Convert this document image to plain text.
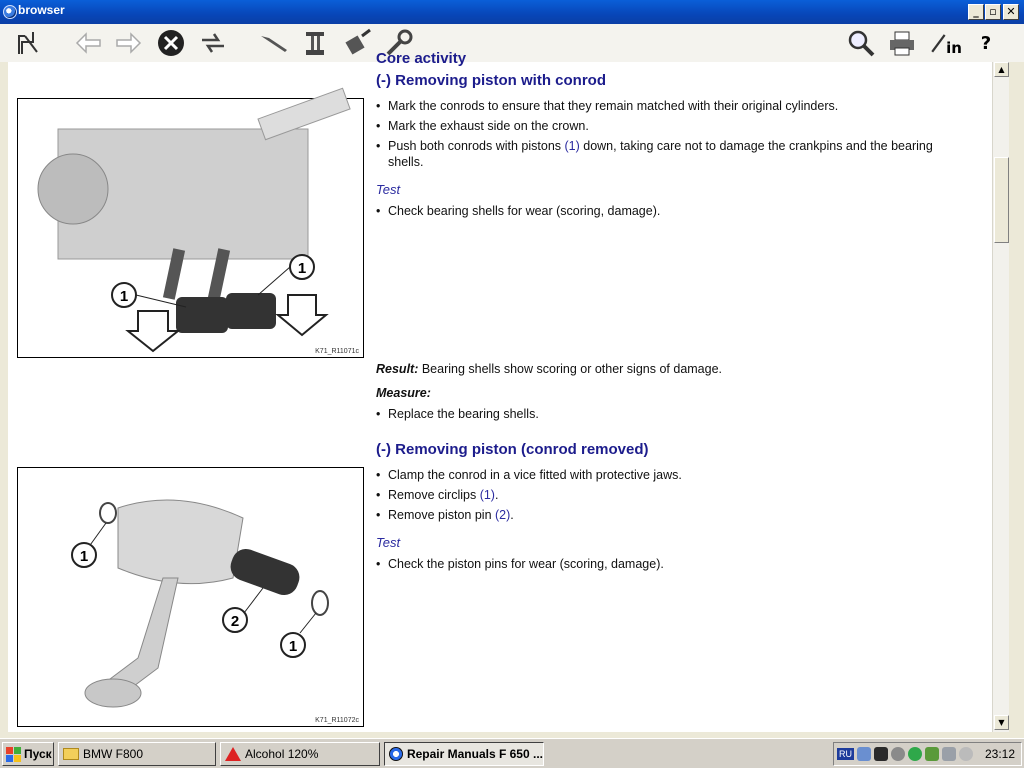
browser	_ ▫ ✕
in	?
Core activity
(-) Removing piston with conrod
1
1
K71_R11071c
• Mark the conrods to ensure that they remain matched with their original cylinders.
• Mark the exhaust side on the crown.
• Push both conrods with pistons (1) down, taking care not to damage the crankpins and the bearing shells.
Test
• Check bearing shells for wear (scoring, damage).
Result: Bearing shells show scoring or other signs of damage.
Measure:
• Replace the bearing shells.
(-) Removing piston (conrod removed)
1
2
1
K71_R11072c
• Clamp the conrod in a vice fitted with protective jaws.
• Remove circlips (1).
• Remove piston pin (2).
Test
• Check the piston pins for wear (scoring, damage).
▲
▼
Пуск	BMW F800	Alcohol 120%	Repair Manuals F 650 ...	RU	23:12
